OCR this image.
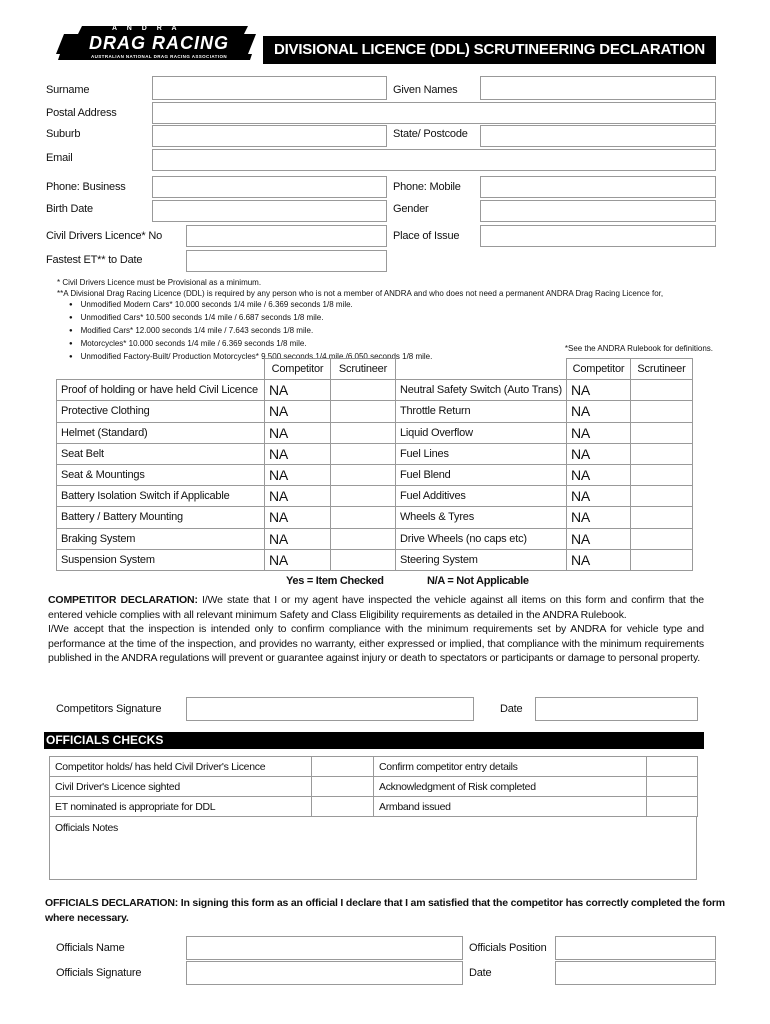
A N D R A
DRAG RACING
AUSTRALIAN NATIONAL DRAG RACING ASSOCIATION	DIVISIONAL LICENCE (DDL) SCRUTINEERING DECLARATION
Surname	Given Names
Postal Address
Suburb	State/ Postcode
Email
Phone: Business	Phone: Mobile
Birth Date	Gender
Civil Drivers Licence* No	Place of Issue
Fastest ET** to Date
* Civil Drivers Licence must be Provisional as a minimum.
**A Divisional Drag Racing Licence (DDL) is required by any person who is not a member of ANDRA and who does not need a permanent ANDRA Drag Racing Licence for,
● Unmodified Modern Cars* 10.000 seconds 1/4 mile / 6.369 seconds 1/8 mile.
● Unmodified Cars* 10.500 seconds 1/4 mile / 6.687 seconds 1/8 mile.
● Modified Cars* 12.000 seconds 1/4 mile / 7.643 seconds 1/8 mile.
● Motorcycles* 10.000 seconds 1/4 mile / 6.369 seconds 1/8 mile.
● Unmodified Factory-Built/ Production Motorcycles* 9.500 seconds 1/4 mile /6.050 seconds 1/8 mile.
*See the ANDRA Rulebook for definitions.
	Competitor	Scrutineer		Competitor	Scrutineer
Proof of holding or have held Civil Licence	NA		Neutral Safety Switch (Auto Trans)	NA	
Protective Clothing	NA		Throttle Return	NA	
Helmet (Standard)	NA		Liquid Overflow	NA	
Seat Belt	NA		Fuel Lines	NA	
Seat & Mountings	NA		Fuel Blend	NA	
Battery Isolation Switch if Applicable	NA		Fuel Additives	NA	
Battery / Battery Mounting	NA		Wheels & Tyres	NA	
Braking System	NA		Drive Wheels (no caps etc)	NA	
Suspension System	NA		Steering System	NA	
Yes = Item Checked	N/A = Not Applicable
COMPETITOR DECLARATION: I/We state that I or my agent have inspected the vehicle against all items on this form and confirm that the entered vehicle complies with all relevant minimum Safety and Class Eligibility requirements as detailed in the ANDRA Rulebook.
I/We accept that the inspection is intended only to confirm compliance with the minimum requirements set by ANDRA for vehicle type and performance at the time of the inspection, and provides no warranty, either expressed or implied, that compliance with the minimum requirements published in the ANDRA regulations will prevent or guarantee against injury or death to spectators or participants or damage to personal property.
Competitors Signature	Date
OFFICIALS CHECKS
Competitor holds/ has held Civil Driver's Licence		Confirm competitor entry details	
Civil Driver's Licence sighted		Acknowledgment of Risk completed	
ET nominated is appropriate for DDL		Armband issued	
Officials Notes
OFFICIALS DECLARATION: In signing this form as an official I declare that I am satisfied that the competitor has correctly completed the form where necessary.
Officials Name	Officials Position
Officials Signature	Date
